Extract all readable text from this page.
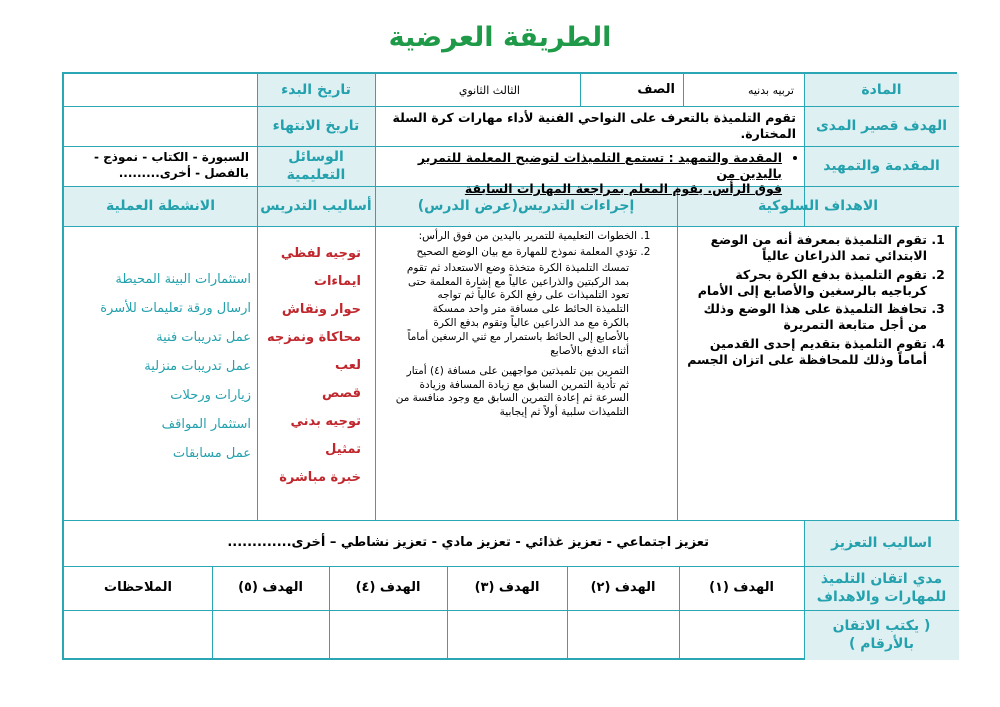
الطريقة العرضية
المادة
تربيه بدنيه
الصف
الثالث الثانوي
تاريخ البدء
الهدف قصير المدى
تقوم التلميذة بالتعرف على النواحي الفنية لأداء مهارات كرة السلة المختارة.
تاريخ الانتهاء
المقدمة والتمهيد
• المقدمة والتمهيد : تستمع التلميذات لتوضيح المعلمة للتمرير باليدين من
فوق الرأس. يقوم المعلم بمراجعة المهارات السابقة
الوسائل التعليمية
السبورة - الكتاب - نموذج - بالفصل - أخرى.........
الاهداف السلوكية
إجراءات التدريس(عرض الدرس)
أساليب التدريس
الانشطة العملية
1. تقوم التلميذة بمعرفة أنه من الوضع الابتدائي تمد الذراعان عالياً
2. تقوم التلميذة بدفع الكرة بحركة كرباجيه بالرسغين والأصابع إلى الأمام
3. تحافظ التلميذة على هذا الوضع وذلك من أجل متابعة التمريرة
4. تقوم التلميذة بتقديم إحدى القدمين أماماً وذلك للمحافظة على اتزان الجسم
1. الخطوات التعليمية للتمرير باليدين من فوق الرأس:
2. تؤدي المعلمة نموذج للمهارة مع بيان الوضع الصحيح
تمسك التلميذة الكرة متخذة وضع الاستعداد ثم تقوم بمد الركبتين والذراعين عالياً مع إشارة المعلمة حتى تعود التلميذات على رفع الكرة عالياً ثم تواجه التلميذة الحائط على مسافة متر واحد ممسكة بالكرة مع مد الذراعين عالياً وتقوم بدفع الكرة بالأصابع إلى الحائط باستمرار مع ثني الرسغين أماماً أثناء الدفع بالأصابع
التمرين بين تلميذتين مواجهين على مسافة (٤) أمتار ثم تأدية التمرين السابق مع زيادة المسافة وزيادة السرعة ثم إعادة التمرين السابق مع وجود منافسة من التلميذات سلبية أولاً ثم إيجابية
توجيه لفظي
ايماءات
حوار ونقاش
محاكاة ونمزجه
لعب
قصص
توجيه بدني
تمثيل
خبرة مباشرة
استثمارات البينة المحيطة
ارسال ورقة تعليمات للأسرة
عمل تدريبات فنية
عمل تدريبات منزلية
زيارات ورحلات
استثمار المواقف
عمل مسابقات
اساليب التعزيز
تعزيز اجتماعي - تعزيز غذائي - تعزيز مادي - تعزيز نشاطي – أخرى.............
مدي اتقان التلميذ للمهارات والاهداف
الهدف (١)
الهدف (٢)
الهدف (٣)
الهدف (٤)
الهدف (٥)
الملاحظات
( يكتب الاتقان بالأرقام )
